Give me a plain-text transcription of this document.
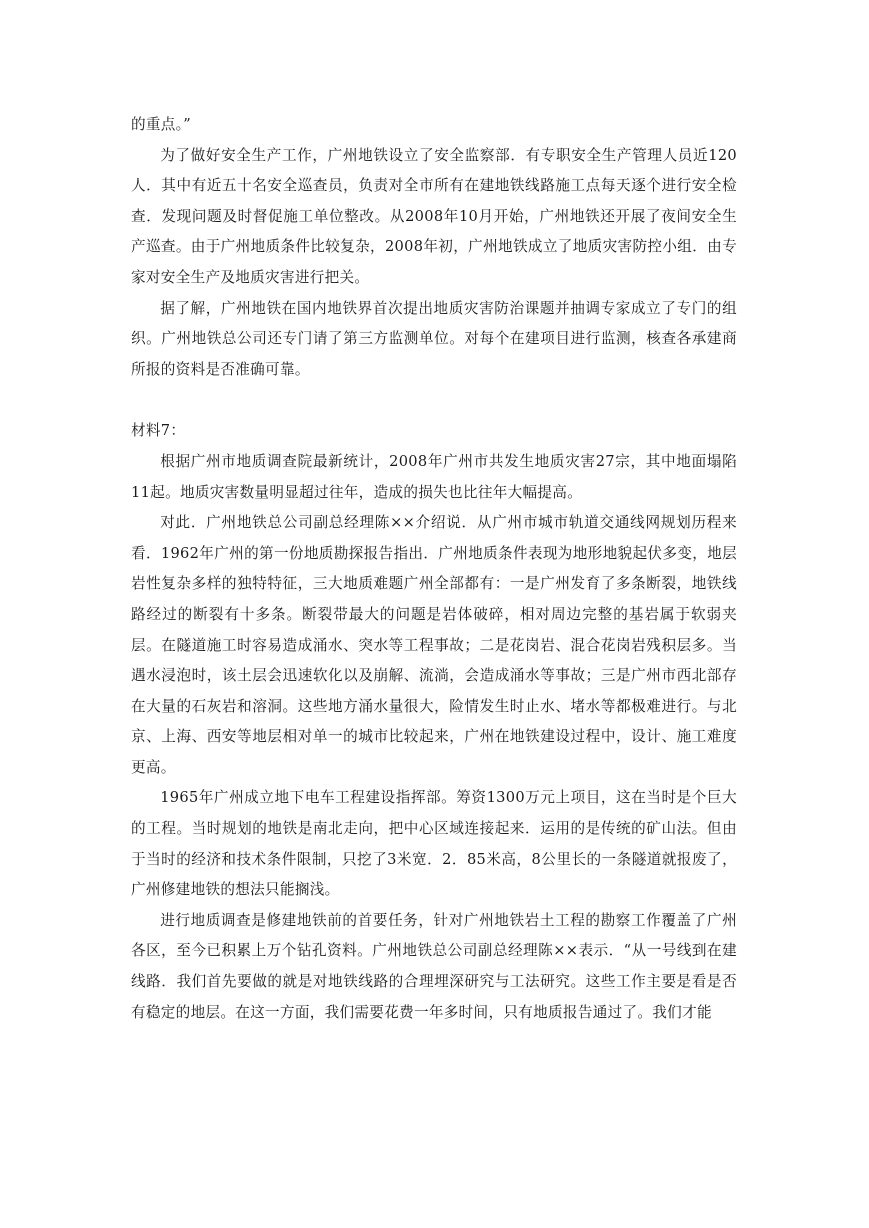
的重点。”

为了做好安全生产工作，广州地铁设立了安全监察部．有专职安全生产管理人员近120人．其中有近五十名安全巡查员，负责对全市所有在建地铁线路施工点每天逐个进行安全检查．发现问题及时督促施工单位整改。从2008年10月开始，广州地铁还开展了夜间安全生产巡查。由于广州地质条件比较复杂，2008年初，广州地铁成立了地质灾害防控小组．由专家对安全生产及地质灾害进行把关。

据了解，广州地铁在国内地铁界首次提出地质灾害防治课题并抽调专家成立了专门的组织。广州地铁总公司还专门请了第三方监测单位。对每个在建项目进行监测，核查各承建商所报的资料是否准确可靠。

材料7：

根据广州市地质调查院最新统计，2008年广州市共发生地质灾害27宗，其中地面塌陷11起。地质灾害数量明显超过往年，造成的损失也比往年大幅提高。

对此．广州地铁总公司副总经理陈××介绍说．从广州市城市轨道交通线网规划历程来看．1962年广州的第一份地质勘探报告指出．广州地质条件表现为地形地貌起伏多变，地层岩性复杂多样的独特特征，三大地质难题广州全部都有：一是广州发育了多条断裂，地铁线路经过的断裂有十多条。断裂带最大的问题是岩体破碎，相对周边完整的基岩属于软弱夹层。在隧道施工时容易造成涌水、突水等工程事故；二是花岗岩、混合花岗岩残积层多。当遇水浸泡时，该土层会迅速软化以及崩解、流淌，会造成涌水等事故；三是广州市西北部存在大量的石灰岩和溶洞。这些地方涌水量很大，险情发生时止水、堵水等都极难进行。与北京、上海、西安等地层相对单一的城市比较起来，广州在地铁建设过程中，设计、施工难度更高。

1965年广州成立地下电车工程建设指挥部。筹资1300万元上项目，这在当时是个巨大的工程。当时规划的地铁是南北走向，把中心区域连接起来．运用的是传统的矿山法。但由于当时的经济和技术条件限制，只挖了3米宽．2．85米高，8公里长的一条隧道就报废了，广州修建地铁的想法只能搁浅。

进行地质调查是修建地铁前的首要任务，针对广州地铁岩土工程的勘察工作覆盖了广州各区，至今已积累上万个钻孔资料。广州地铁总公司副总经理陈××表示．“从一号线到在建线路．我们首先要做的就是对地铁线路的合理埋深研究与工法研究。这些工作主要是看是否有稳定的地层。在这一方面，我们需要花费一年多时间，只有地质报告通过了。我们才能
